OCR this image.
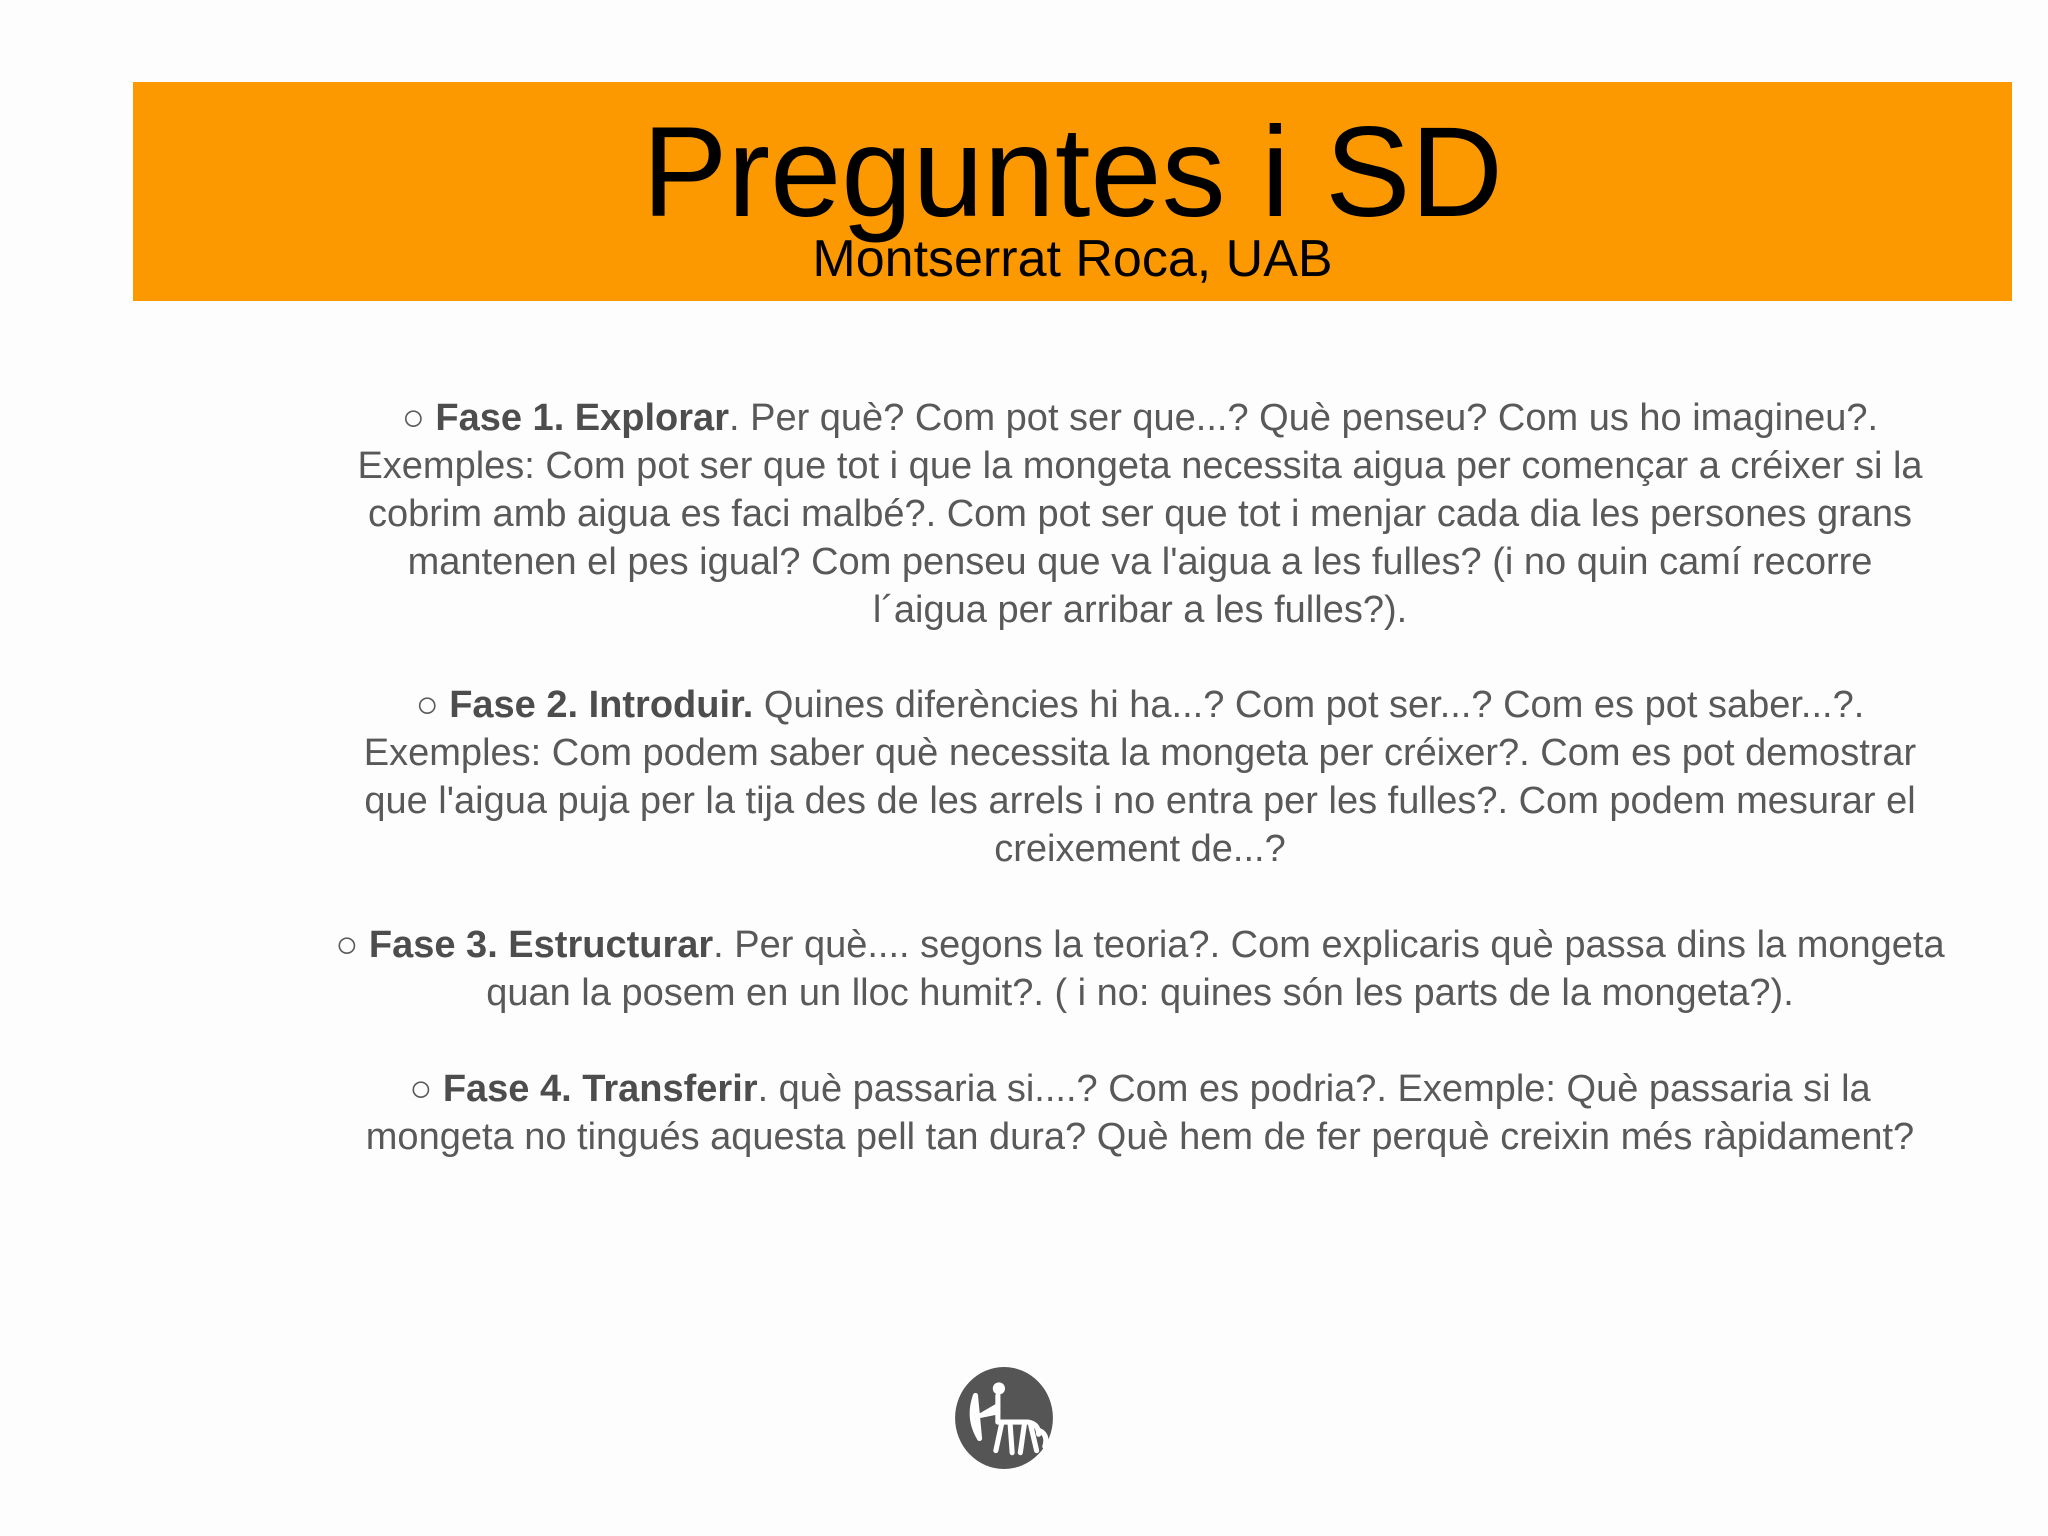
Preguntes i SD
Montserrat Roca, UAB
○ Fase 1. Explorar. Per què? Com pot ser que...? Què penseu? Com us ho imagineu?.
Exemples: Com pot ser que tot i que la mongeta necessita aigua per començar a créixer si la
cobrim amb aigua es faci malbé?. Com pot ser que tot i menjar cada dia les persones grans
mantenen el pes igual? Com penseu que va l'aigua a les fulles? (i no quin camí recorre
l´aigua per arribar a les fulles?).
○ Fase 2. Introduir. Quines diferències hi ha...? Com pot ser...? Com es pot saber...?.
Exemples: Com podem saber què necessita la mongeta per créixer?. Com es pot demostrar
que l'aigua puja per la tija des de les arrels i no entra per les fulles?. Com podem mesurar el
creixement de...?
○ Fase 3. Estructurar. Per què.... segons la teoria?. Com explicaris què passa dins la mongeta
quan la posem en un lloc humit?. ( i no: quines són les parts de la mongeta?).
○ Fase 4. Transferir. què passaria si....? Com es podria?. Exemple: Què passaria si la
mongeta no tingués aquesta pell tan dura? Què hem de fer perquè creixin més ràpidament?
